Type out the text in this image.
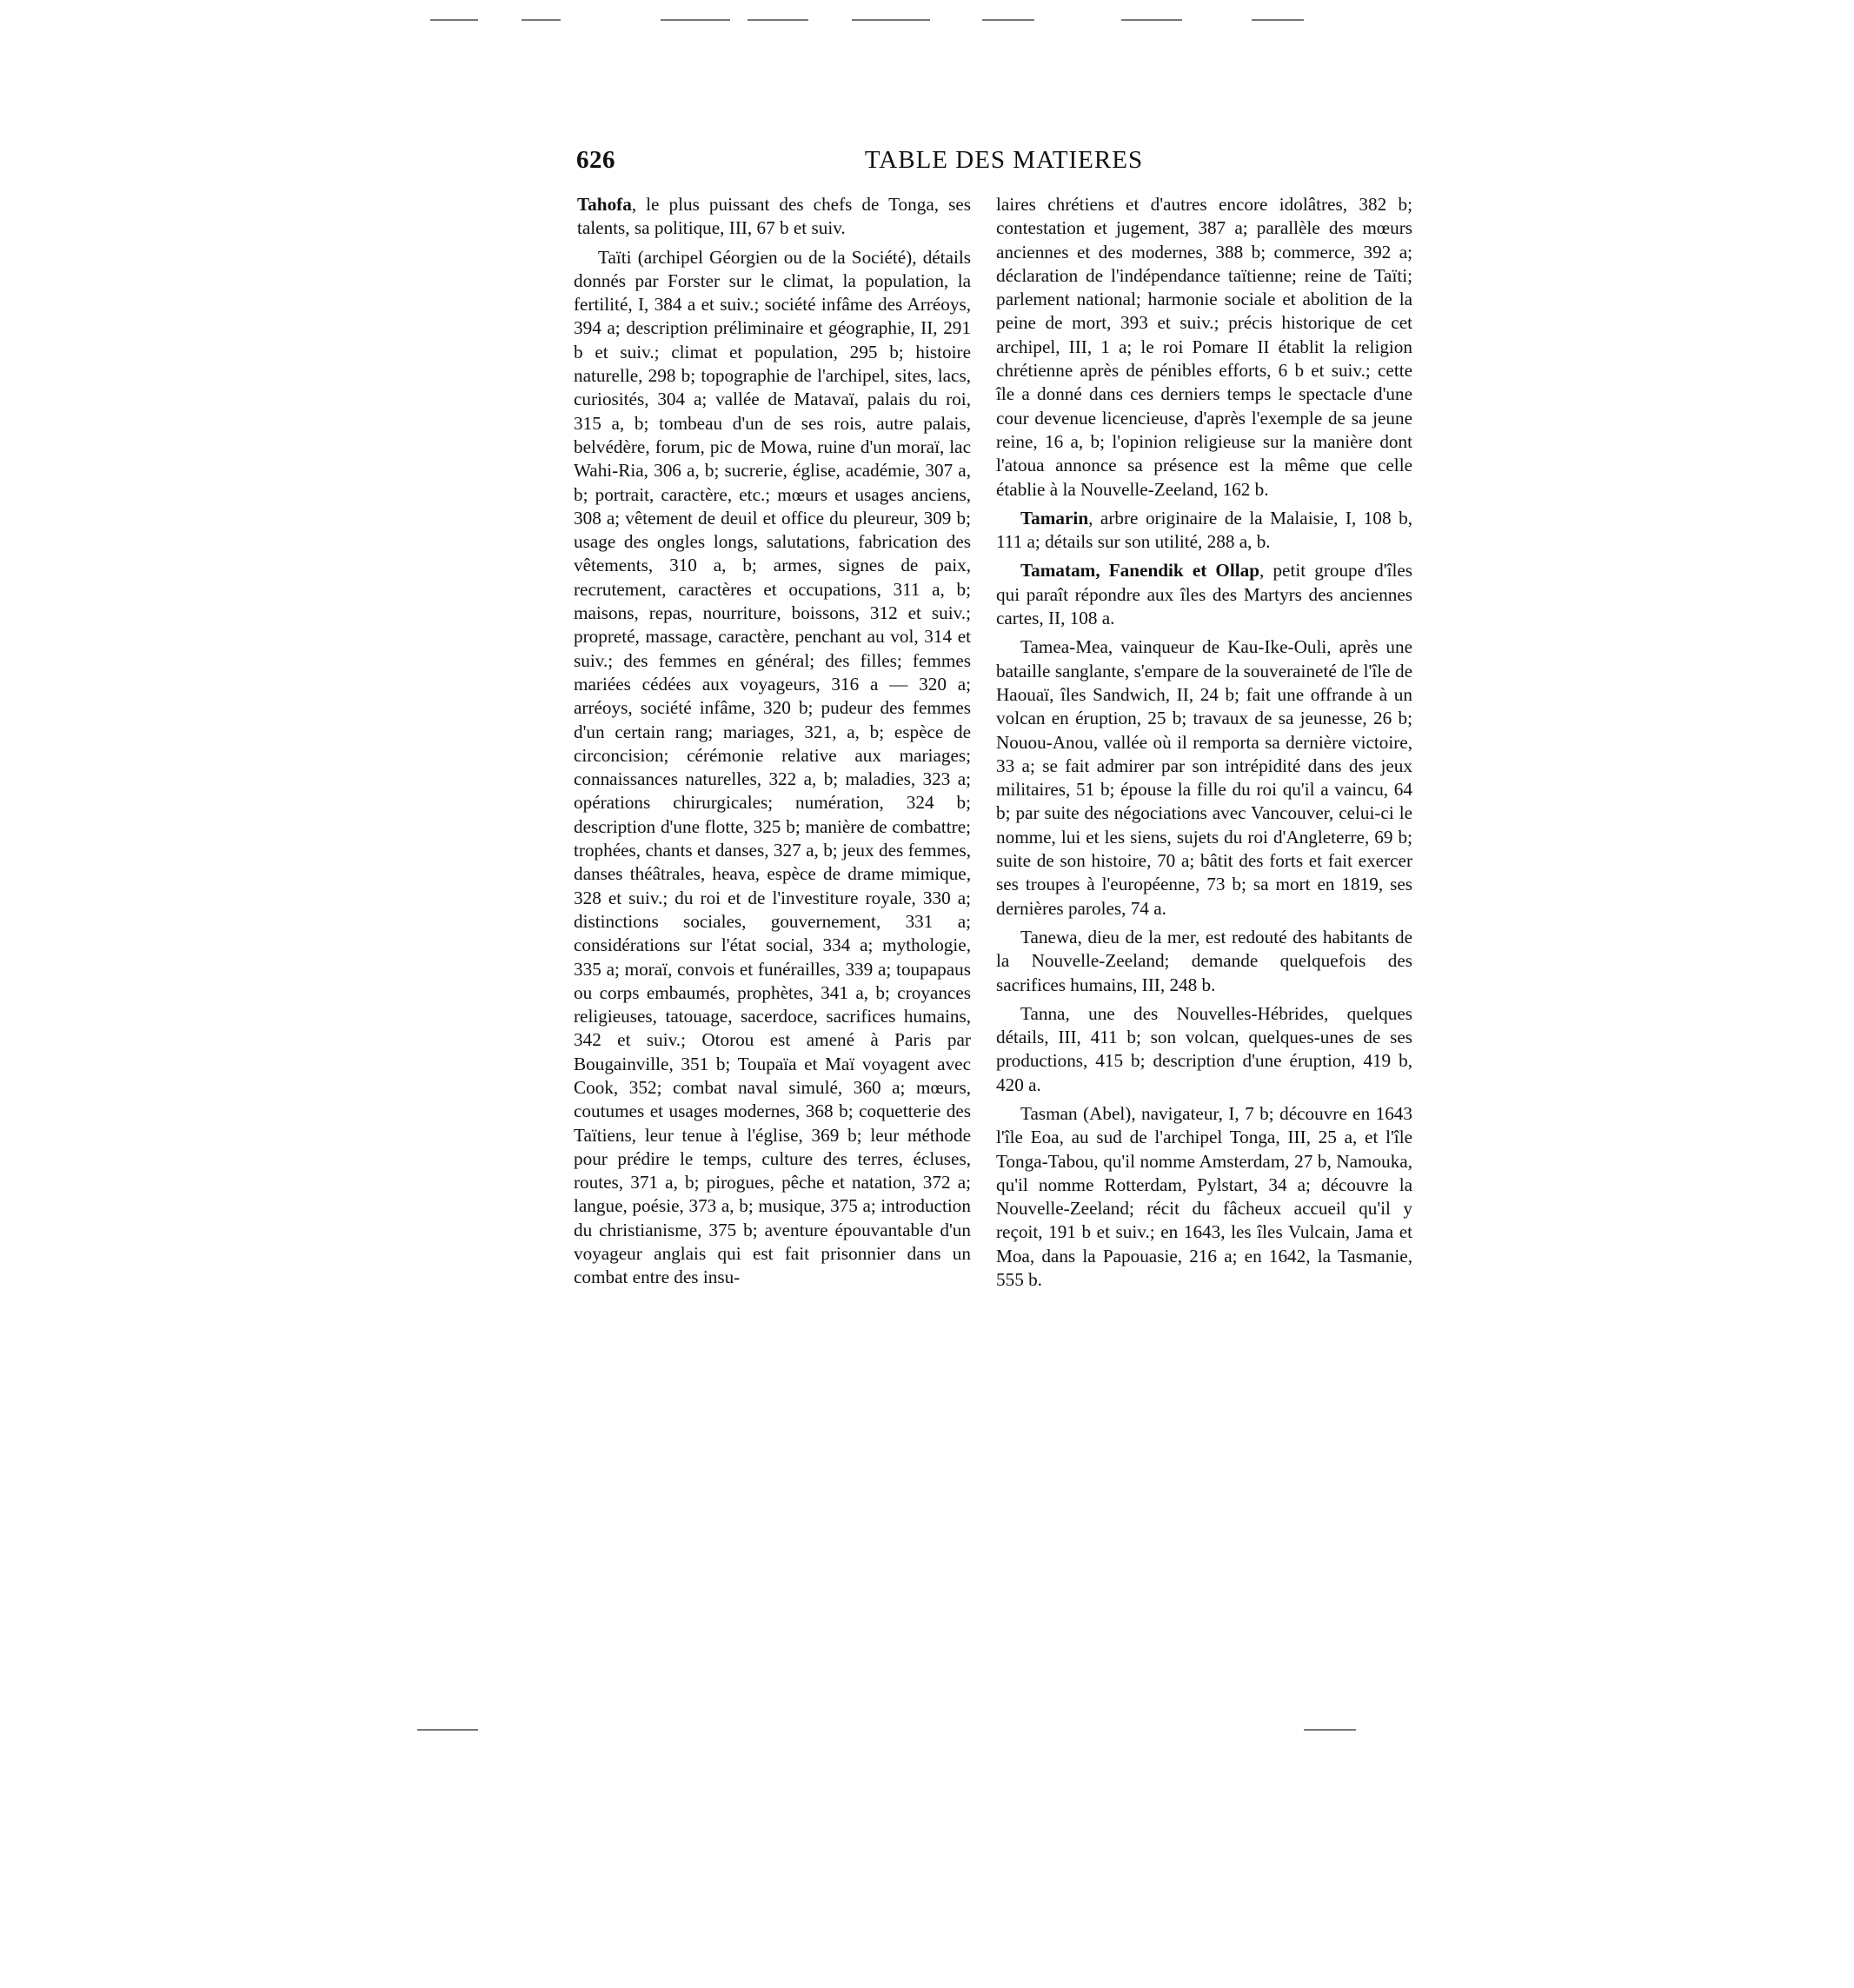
626	TABLE DES MATIERES

Tahofa, le plus puissant des chefs de Tonga, ses talents, sa politique, III, 67 b et suiv.

Taïti (archipel Géorgien ou de la Société), détails donnés par Forster sur le climat, la population, la fertilité, I, 384 a et suiv.; société infâme des Arréoys, 394 a; description préliminaire et géographie, II, 291 b et suiv.; climat et population, 295 b; histoire naturelle, 298 b; topographie de l'archipel, sites, lacs, curiosités, 304 a; vallée de Matavaï, palais du roi, 315 a, b; tombeau d'un de ses rois, autre palais, belvédère, forum, pic de Mowa, ruine d'un moraï, lac Wahi-Ria, 306 a, b; sucrerie, église, académie, 307 a, b; portrait, caractère, etc.; mœurs et usages anciens, 308 a; vêtement de deuil et office du pleureur, 309 b; usage des ongles longs, salutations, fabrication des vêtements, 310 a, b; armes, signes de paix, recrutement, caractères et occupations, 311 a, b; maisons, repas, nourriture, boissons, 312 et suiv.; propreté, massage, caractère, penchant au vol, 314 et suiv.; des femmes en général; des filles; femmes mariées cédées aux voyageurs, 316 a — 320 a; arréoys, société infâme, 320 b; pudeur des femmes d'un certain rang; mariages, 321, a, b; espèce de circoncision; cérémonie relative aux mariages; connaissances naturelles, 322 a, b; maladies, 323 a; opérations chirurgicales; numération, 324 b; description d'une flotte, 325 b; manière de combattre; trophées, chants et danses, 327 a, b; jeux des femmes, danses théâtrales, heava, espèce de drame mimique, 328 et suiv.; du roi et de l'investiture royale, 330 a; distinctions sociales, gouvernement, 331 a; considérations sur l'état social, 334 a; mythologie, 335 a; moraï, convois et funérailles, 339 a; toupapaus ou corps embaumés, prophètes, 341 a, b; croyances religieuses, tatouage, sacerdoce, sacrifices humains, 342 et suiv.; Otorou est amené à Paris par Bougainville, 351 b; Toupaïa et Maï voyagent avec Cook, 352; combat naval simulé, 360 a; mœurs, coutumes et usages modernes, 368 b; coquetterie des Taïtiens, leur tenue à l'église, 369 b; leur méthode pour prédire le temps, culture des terres, écluses, routes, 371 a, b; pirogues, pêche et natation, 372 a; langue, poésie, 373 a, b; musique, 375 a; introduction du christianisme, 375 b; aventure épouvantable d'un voyageur anglais qui est fait prisonnier dans un combat entre des insu-

laires chrétiens et d'autres encore idolâtres, 382 b; contestation et jugement, 387 a; parallèle des mœurs anciennes et des modernes, 388 b; commerce, 392 a; déclaration de l'indépendance taïtienne; reine de Taïti; parlement national; harmonie sociale et abolition de la peine de mort, 393 et suiv.; précis historique de cet archipel, III, 1 a; le roi Pomare II établit la religion chrétienne après de pénibles efforts, 6 b et suiv.; cette île a donné dans ces derniers temps le spectacle d'une cour devenue licencieuse, d'après l'exemple de sa jeune reine, 16 a, b; l'opinion religieuse sur la manière dont l'atoua annonce sa présence est la même que celle établie à la Nouvelle-Zeeland, 162 b.

Tamarin, arbre originaire de la Malaisie, I, 108 b, 111 a; détails sur son utilité, 288 a, b.

Tamatam, Fanendik et Ollap, petit groupe d'îles qui paraît répondre aux îles des Martyrs des anciennes cartes, II, 108 a.

Tamea-Mea, vainqueur de Kau-Ike-Ouli, après une bataille sanglante, s'empare de la souveraineté de l'île de Haouaï, îles Sandwich, II, 24 b; fait une offrande à un volcan en éruption, 25 b; travaux de sa jeunesse, 26 b; Nouou-Anou, vallée où il remporta sa dernière victoire, 33 a; se fait admirer par son intrépidité dans des jeux militaires, 51 b; épouse la fille du roi qu'il a vaincu, 64 b; par suite des négociations avec Vancouver, celui-ci le nomme, lui et les siens, sujets du roi d'Angleterre, 69 b; suite de son histoire, 70 a; bâtit des forts et fait exercer ses troupes à l'européenne, 73 b; sa mort en 1819, ses dernières paroles, 74 a.

Tanewa, dieu de la mer, est redouté des habitants de la Nouvelle-Zeeland; demande quelquefois des sacrifices humains, III, 248 b.

Tanna, une des Nouvelles-Hébrides, quelques détails, III, 411 b; son volcan, quelques-unes de ses productions, 415 b; description d'une éruption, 419 b, 420 a.

Tasman (Abel), navigateur, I, 7 b; découvre en 1643 l'île Eoa, au sud de l'archipel Tonga, III, 25 a, et l'île Tonga-Tabou, qu'il nomme Amsterdam, 27 b, Namouka, qu'il nomme Rotterdam, Pylstart, 34 a; découvre la Nouvelle-Zeeland; récit du fâcheux accueil qu'il y reçoit, 191 b et suiv.; en 1643, les îles Vulcain, Jama et Moa, dans la Papouasie, 216 a; en 1642, la Tasmanie, 555 b.
